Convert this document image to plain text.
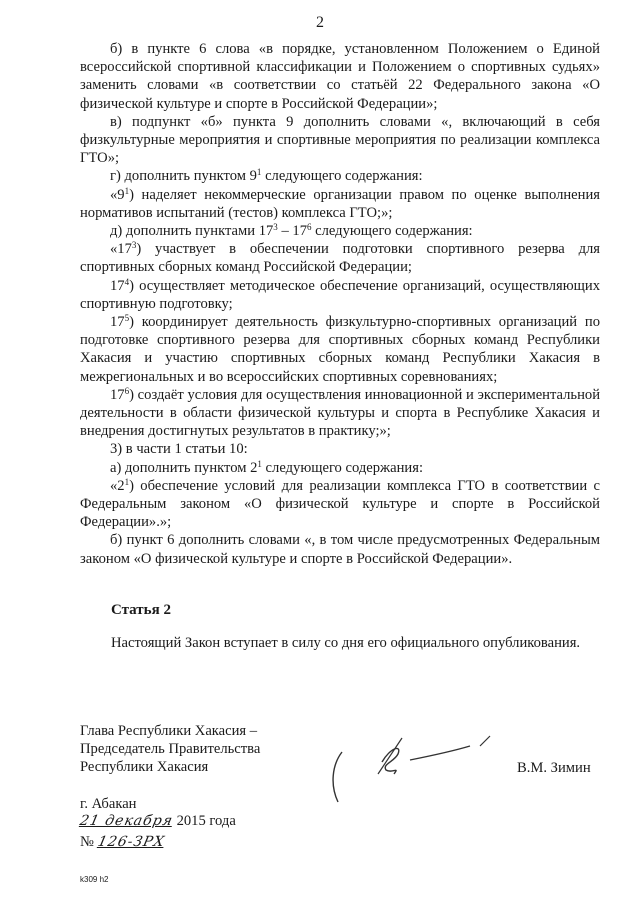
2

б) в пункте 6 слова «в порядке, установленном Положением о Единой всероссийской спортивной классификации и Положением о спортивных судьях» заменить словами «в соответствии со статьёй 22 Федерального закона «О физической культуре и спорте в Российской Федерации»;

в) подпункт «б» пункта 9 дополнить словами «, включающий в себя физкультурные мероприятия и спортивные мероприятия по реализации комплекса ГТО»;

г) дополнить пунктом $9^1$ следующего содержания:

«$9^1$) наделяет некоммерческие организации правом по оценке выполнения нормативов испытаний (тестов) комплекса ГТО;»;

д) дополнить пунктами $17^3 - 17^6$ следующего содержания:

«$17^3$) участвует в обеспечении подготовки спортивного резерва для спортивных сборных команд Российской Федерации;

$17^4$) осуществляет методическое обеспечение организаций, осуществляющих спортивную подготовку;

$17^5$) координирует деятельность физкультурно-спортивных организаций по подготовке спортивного резерва для спортивных сборных команд Республики Хакасия и участию спортивных сборных команд Республики Хакасия в межрегиональных и во всероссийских спортивных соревнованиях;

$17^6$) создаёт условия для осуществления инновационной и экспериментальной деятельности в области физической культуры и спорта в Республике Хакасия и внедрения достигнутых результатов в практику;»;

3) в части 1 статьи 10:

а) дополнить пунктом $2^1$ следующего содержания:

«$2^1$) обеспечение условий для реализации комплекса ГТО в соответствии с Федеральным законом «О физической культуре и спорте в Российской Федерации».»;

б) пункт 6 дополнить словами «, в том числе предусмотренных Федеральным законом «О физической культуре и спорте в Российской Федерации».

Статья 2
Настоящий Закон вступает в силу со дня его официального опубликования.
Глава Республики Хакасия –
Председатель Правительства
Республики Хакасия	В.М. Зимин
г. Абакан
21 декабря 2015 года
№ 126-ЗРХ
k309 h2
